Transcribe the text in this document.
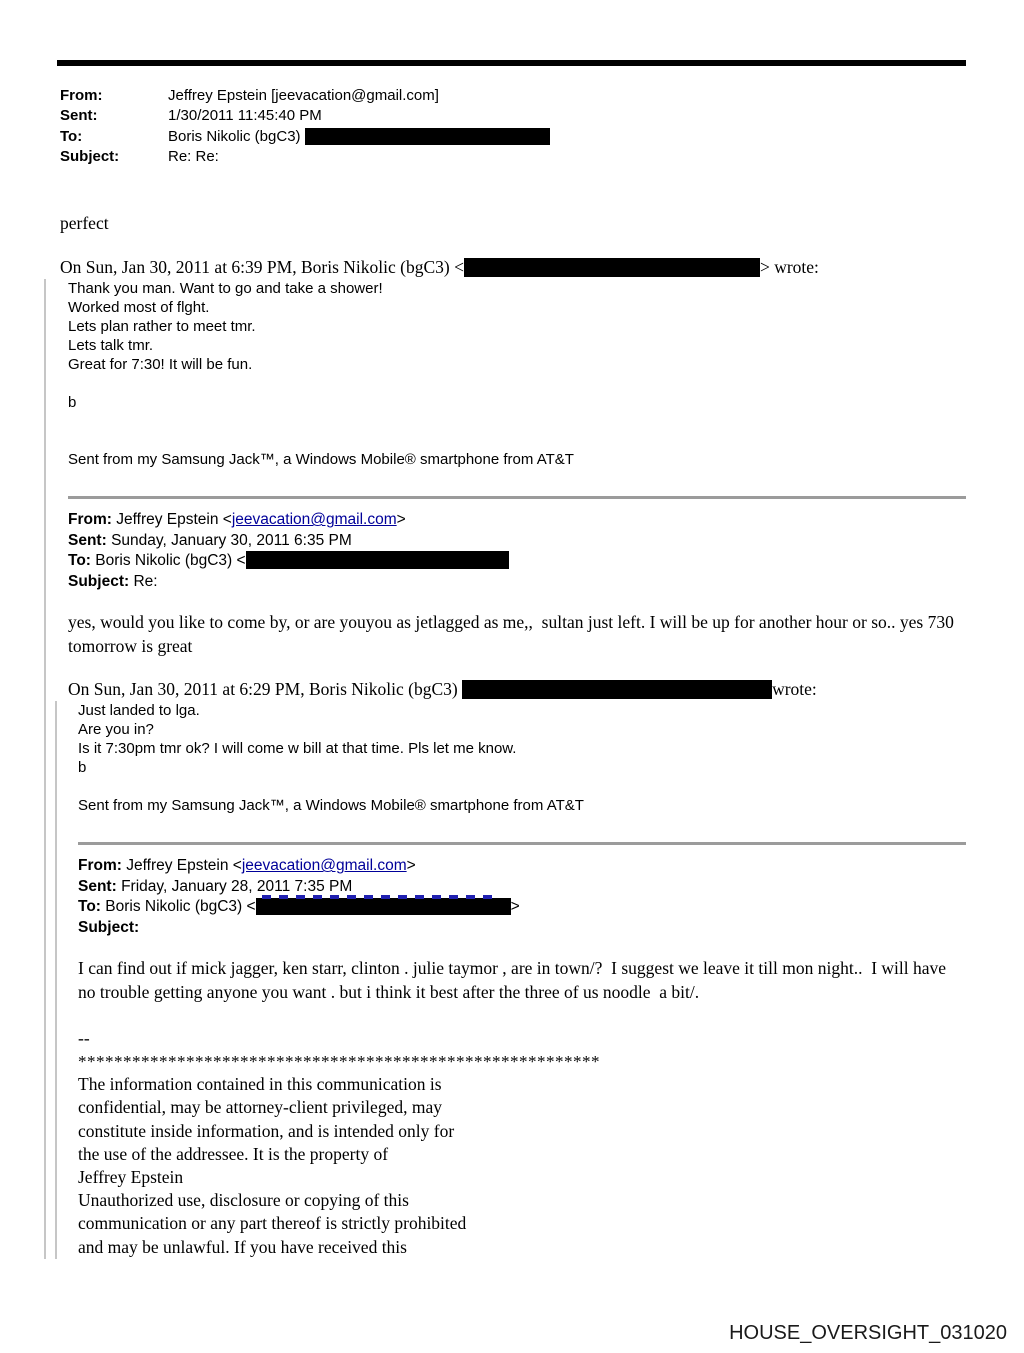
From:	Jeffrey Epstein [jeevacation@gmail.com]
Sent:	1/30/2011 11:45:40 PM
To:	Boris Nikolic (bgC3)
Subject:	Re: Re:

perfect

On Sun, Jan 30, 2011 at 6:39 PM, Boris Nikolic (bgC3) <	> wrote:

Thank you man. Want to go and take a shower!
Worked most of flght.
Lets plan rather to meet tmr.
Lets talk tmr.
Great for 7:30! It will be fun.
b
Sent from my Samsung Jack™, a Windows Mobile® smartphone from AT&T
From: Jeffrey Epstein <jeevacation@gmail.com>
Sent: Sunday, January 30, 2011 6:35 PM
To: Boris Nikolic (bgC3) <
Subject: Re:
yes, would you like to come by, or are youyou as jetlagged as me,,  sultan just left. I will be up for another hour or so.. yes 730 tomorrow is great
On Sun, Jan 30, 2011 at 6:29 PM, Boris Nikolic (bgC3)	wrote:
Just landed to lga.
Are you in?
Is it 7:30pm tmr ok? I will come w bill at that time. Pls let me know.
b
Sent from my Samsung Jack™, a Windows Mobile® smartphone from AT&T
From: Jeffrey Epstein <jeevacation@gmail.com>
Sent: Friday, January 28, 2011 7:35 PM
To: Boris Nikolic (bgC3) <	>
Subject:
I can find out if mick jagger, ken starr, clinton . julie taymor , are in town/?  I suggest we leave it till mon night..  I will have no trouble getting anyone you want . but i think it best after the three of us noodle  a bit/.
--
**********************************************************
The information contained in this communication is
confidential, may be attorney-client privileged, may
constitute inside information, and is intended only for
the use of the addressee. It is the property of
Jeffrey Epstein
Unauthorized use, disclosure or copying of this
communication or any part thereof is strictly prohibited
and may be unlawful. If you have received this
HOUSE_OVERSIGHT_031020
